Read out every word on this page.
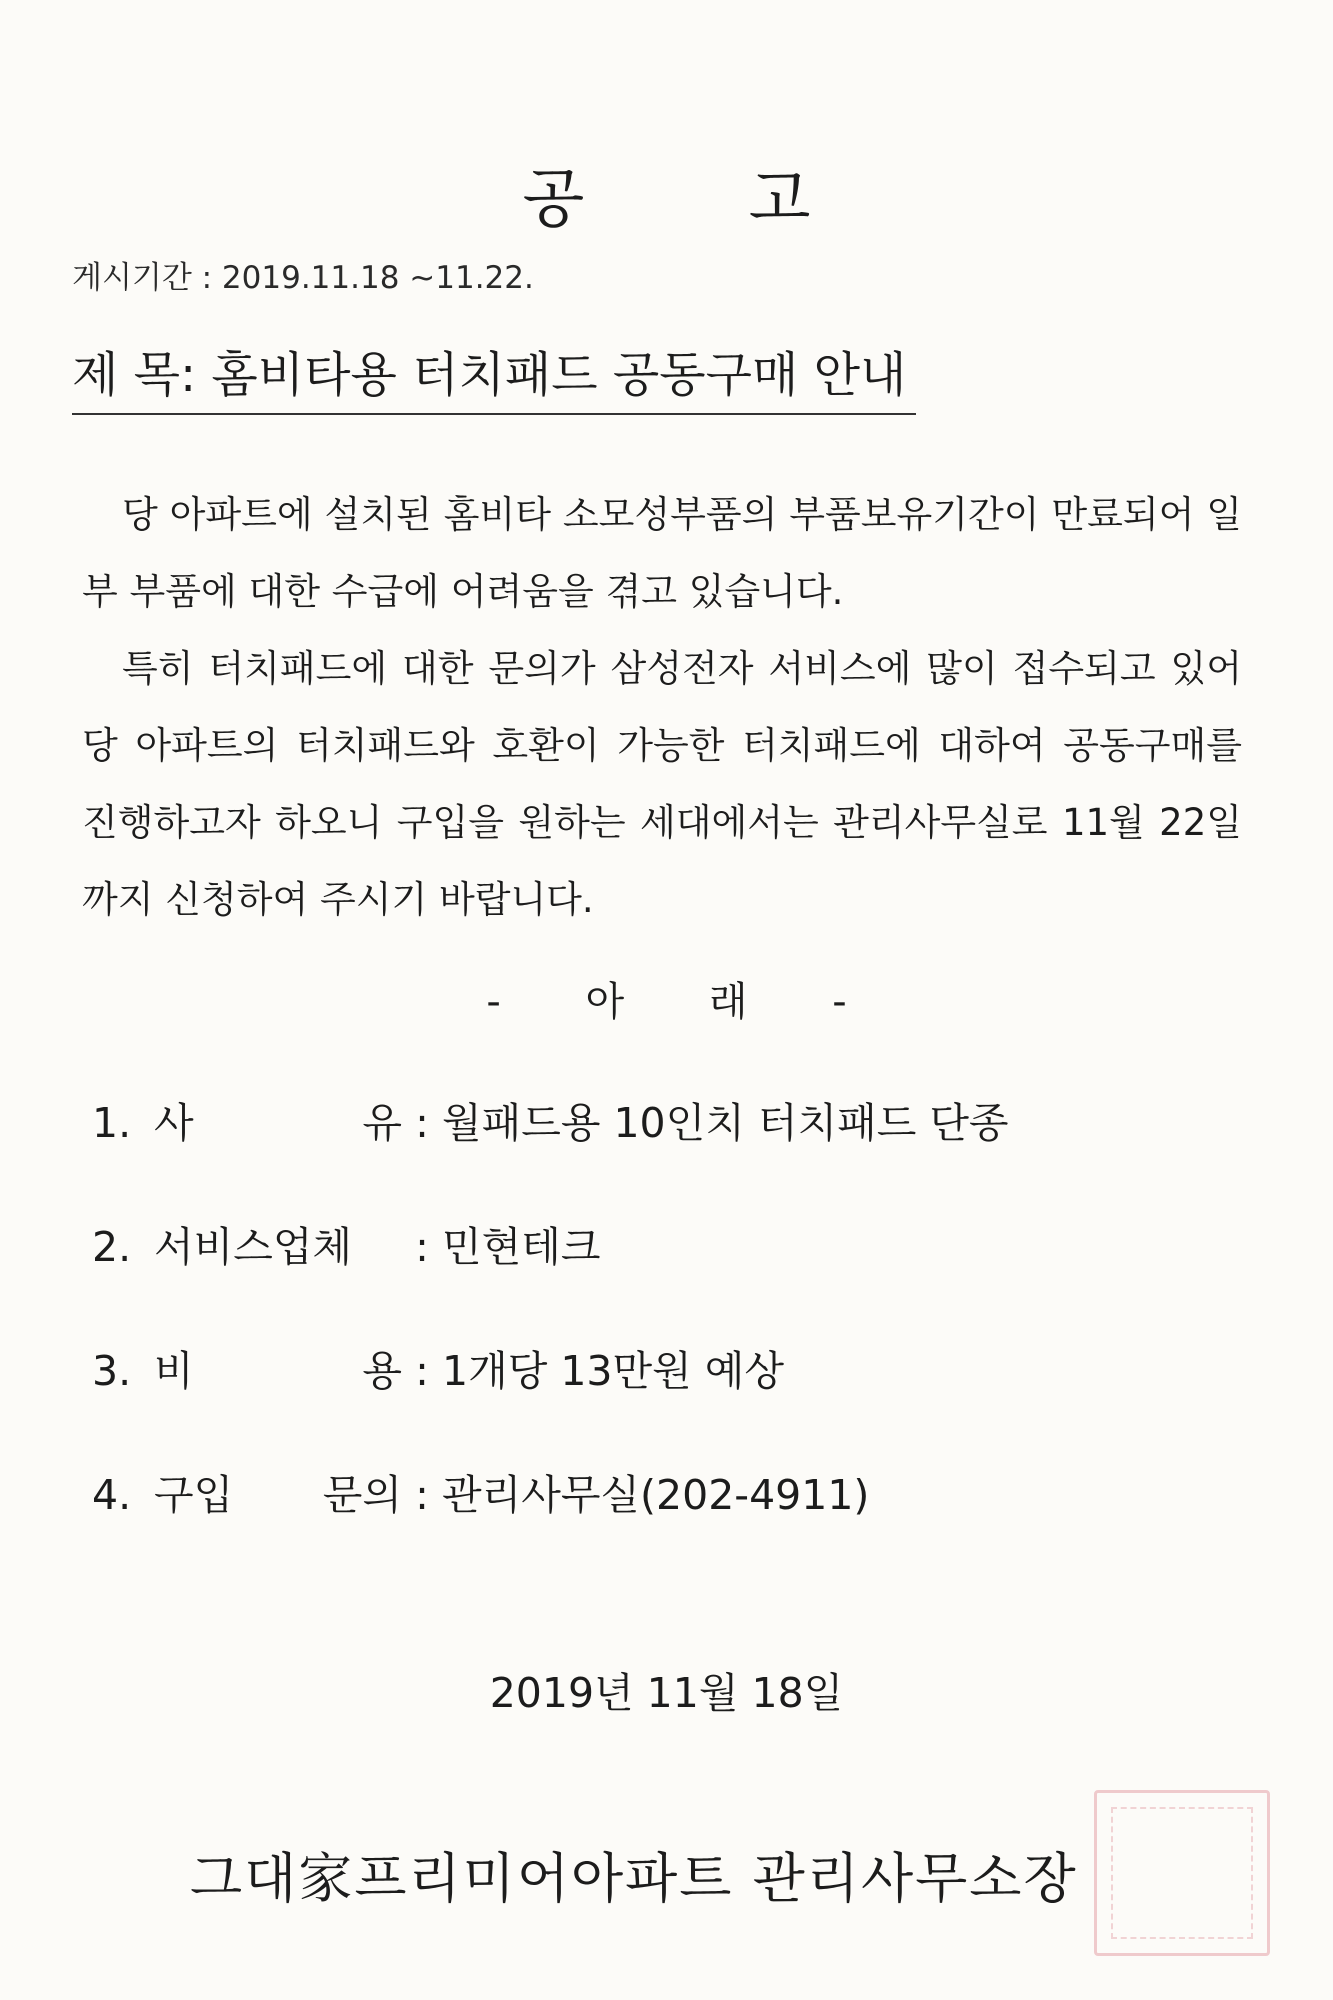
공 고
게시기간 : 2019.11.18 ~11.22.
제 목: 홈비타용 터치패드 공동구매 안내

당 아파트에 설치된 홈비타 소모성부품의 부품보유기간이 만료되어 일부 부품에 대한 수급에 어려움을 겪고 있습니다.

특히 터치패드에 대한 문의가 삼성전자 서비스에 많이 접수되고 있어 당 아파트의 터치패드와 호환이 가능한 터치패드에 대하여 공동구매를 진행하고자 하오니 구입을 원하는 세대에서는 관리사무실로 11월 22일까지 신청하여 주시기 바랍니다.

- 아 래 -
1. 사	유 : 월패드용 10인치 터치패드 단종
2. 서비스업체	: 민현테크
3. 비	용 : 1개당 13만원 예상
4. 구입 문의 : 관리사무실(202-4911)
2019년 11월 18일
그대家프리미어아파트 관리사무소장
